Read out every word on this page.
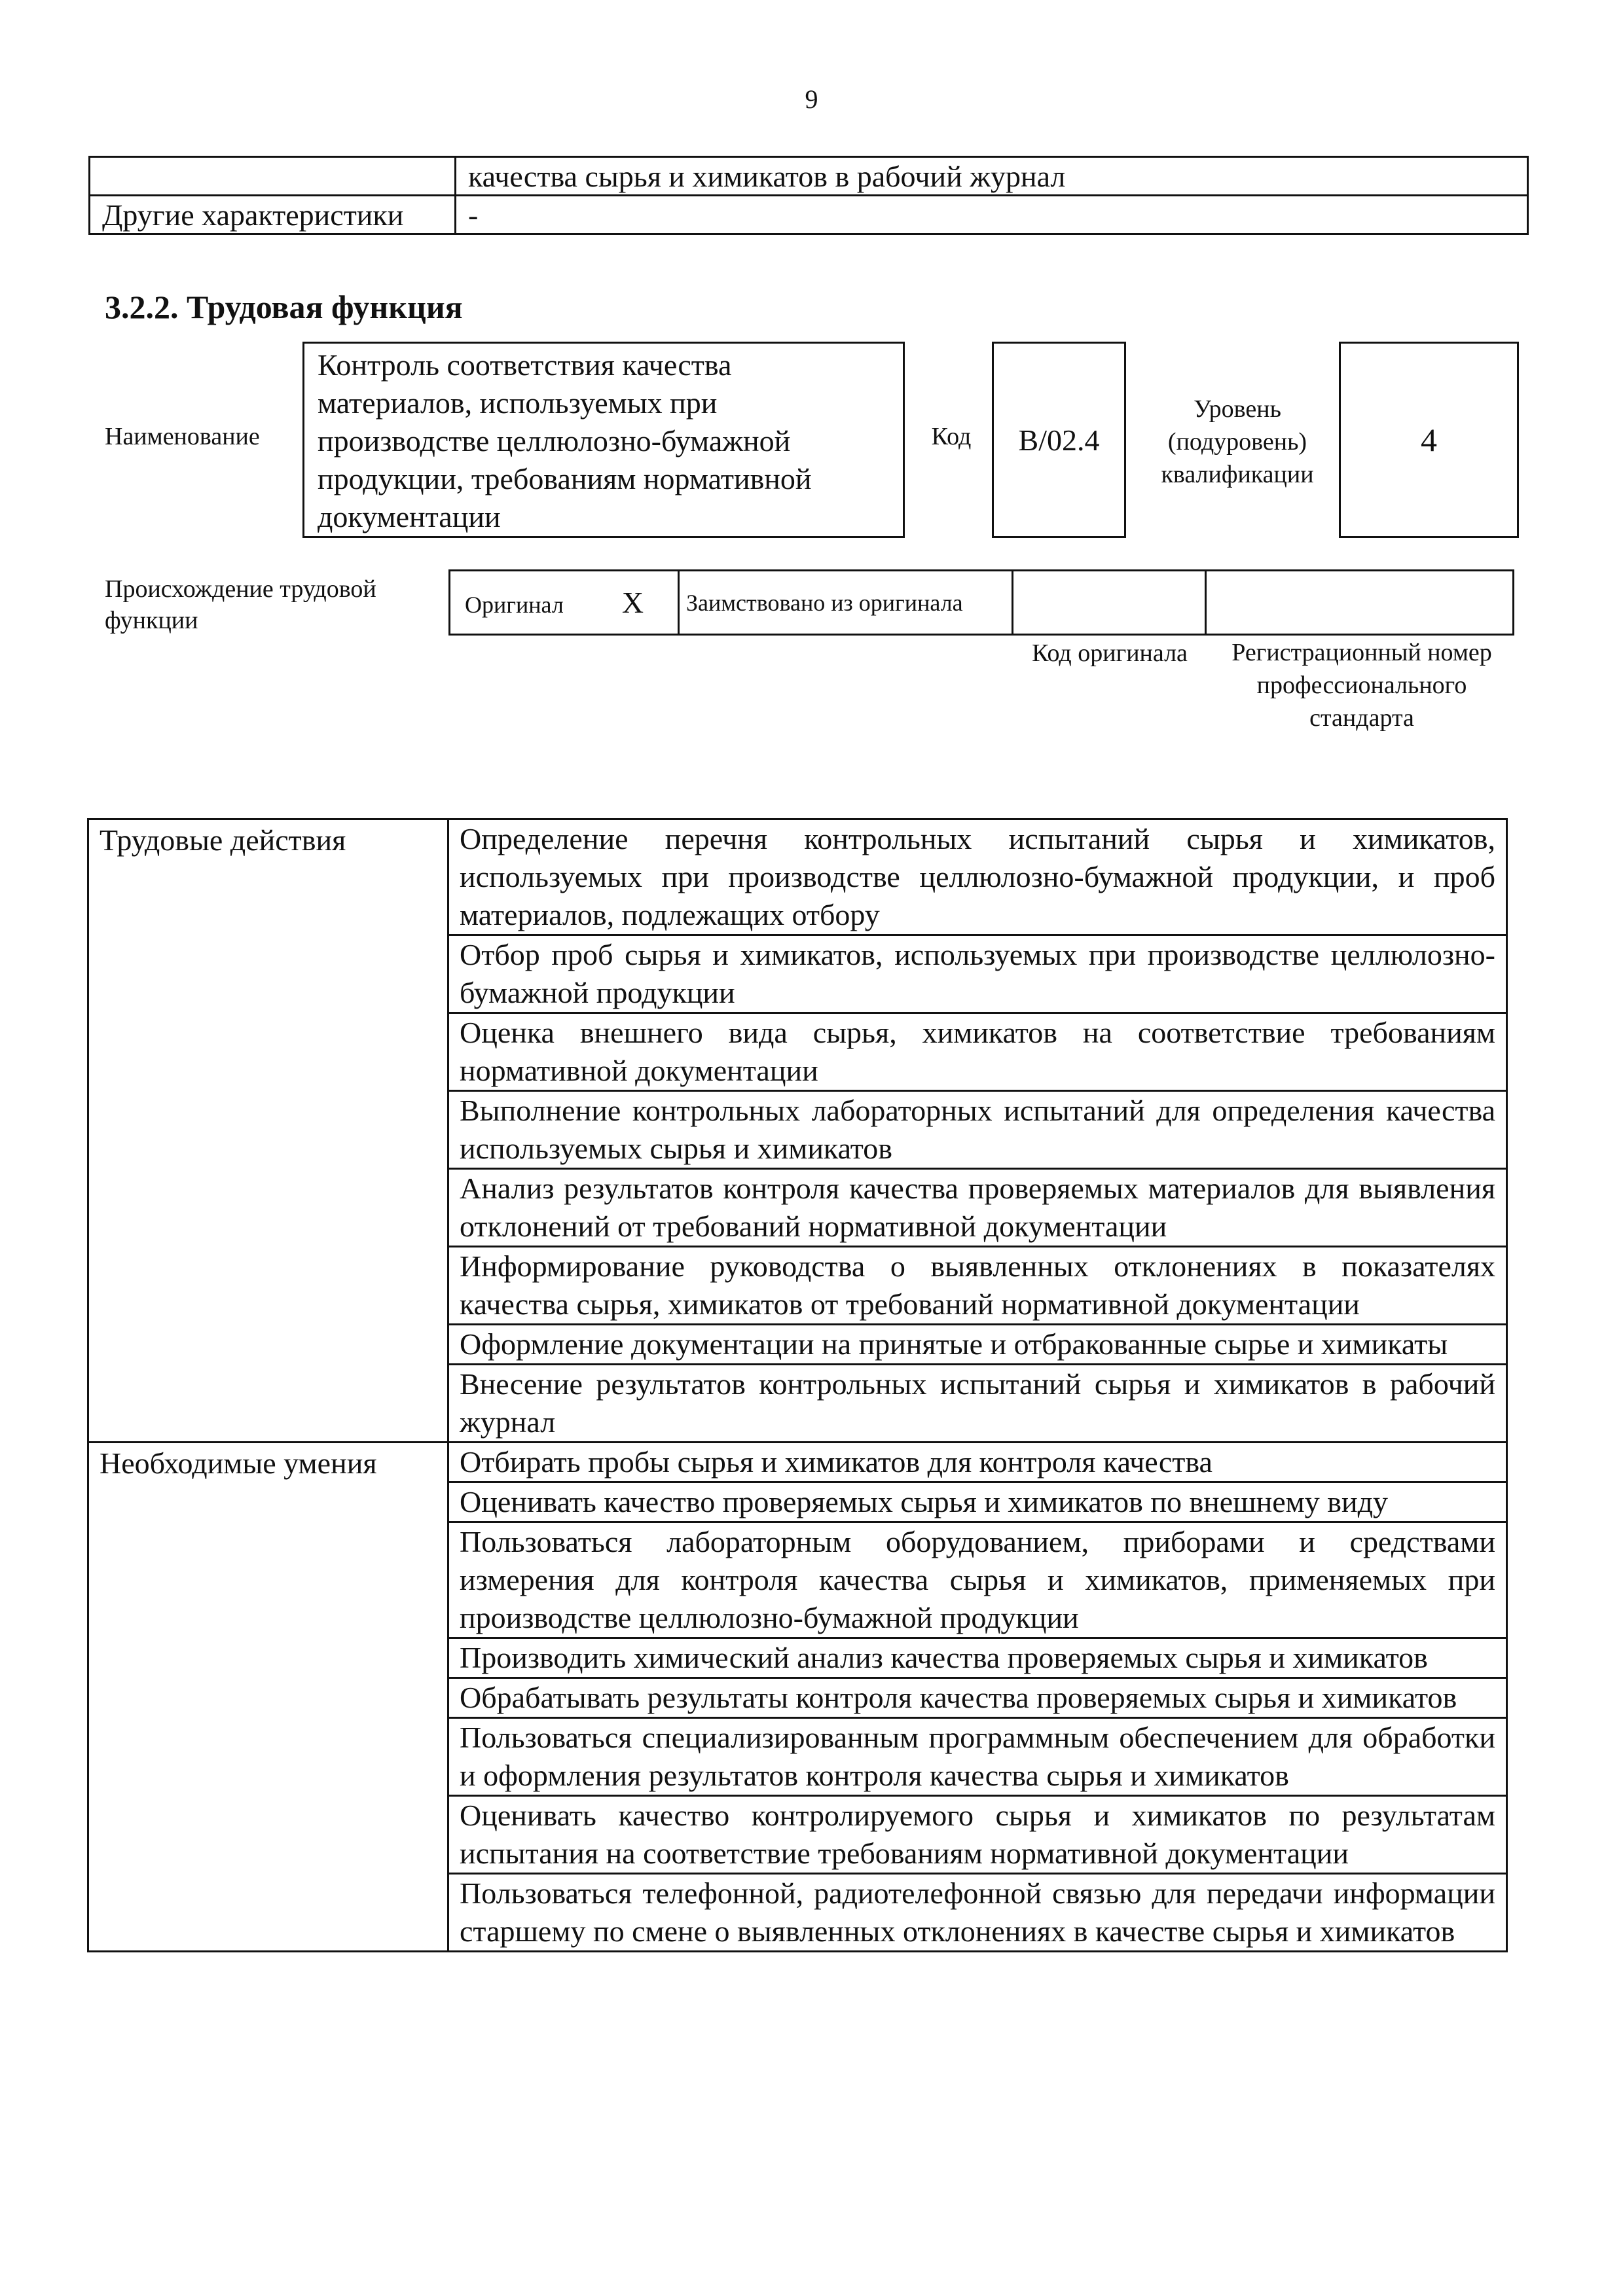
9
	качества сырья и химикатов в рабочий журнал
Другие характеристики	-
3.2.2. Трудовая функция
Наименование
Контроль соответствия качества материалов, используемых при производстве целлюлозно-бумажной продукции, требованиям нормативной документации
Код	B/02.4
Уровень (подуровень) квалификации
4
Происхождение трудовой функции
Оригинал X	Заимствовано из оригинала		
Код оригинала	Регистрационный номер профессионального стандарта
Трудовые действия	Определение перечня контрольных испытаний сырья и химикатов, используемых при производстве целлюлозно-бумажной продукции, и проб материалов, подлежащих отбору
	Отбор проб сырья и химикатов, используемых при производстве целлюлозно-бумажной продукции
	Оценка внешнего вида сырья, химикатов на соответствие требованиям нормативной документации
	Выполнение контрольных лабораторных испытаний для определения качества используемых сырья и химикатов
	Анализ результатов контроля качества проверяемых материалов для выявления отклонений от требований нормативной документации
	Информирование руководства о выявленных отклонениях в показателях качества сырья, химикатов от требований нормативной документации
	Оформление документации на принятые и отбракованные сырье и химикаты
	Внесение результатов контрольных испытаний сырья и химикатов в рабочий журнал
Необходимые умения	Отбирать пробы сырья и химикатов для контроля качества
	Оценивать качество проверяемых сырья и химикатов по внешнему виду
	Пользоваться лабораторным оборудованием, приборами и средствами измерения для контроля качества сырья и химикатов, применяемых при производстве целлюлозно-бумажной продукции
	Производить химический анализ качества проверяемых сырья и химикатов
	Обрабатывать результаты контроля качества проверяемых сырья и химикатов
	Пользоваться специализированным программным обеспечением для обработки и оформления результатов контроля качества сырья и химикатов
	Оценивать качество контролируемого сырья и химикатов по результатам испытания на соответствие требованиям нормативной документации
	Пользоваться телефонной, радиотелефонной связью для передачи информации старшему по смене о выявленных отклонениях в качестве сырья и химикатов
